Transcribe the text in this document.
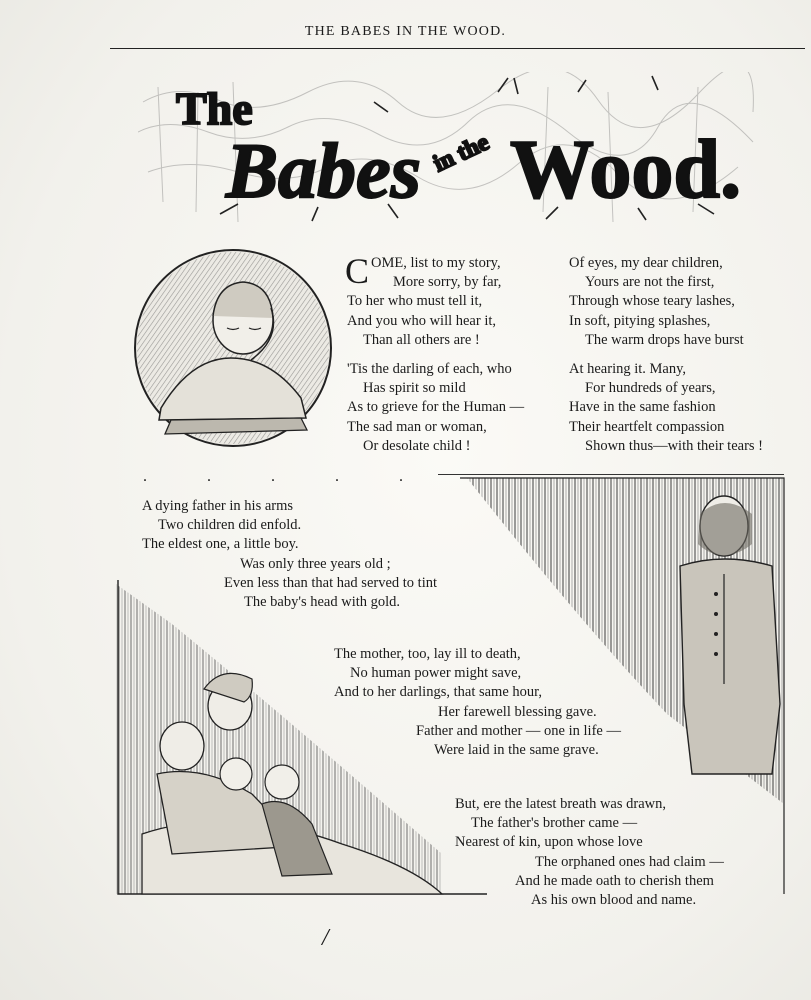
THE BABES IN THE WOOD.
The
Babes in the Wood.
C OME, list to my story,
More sorry, by far,
To her who must tell it,
And you who will hear it,
Than all others are !
'Tis the darling of each, who
Has spirit so mild
As to grieve for the Human —
The sad man or woman,
Or desolate child !
Of eyes, my dear children,
Yours are not the first,
Through whose teary lashes,
In soft, pitying splashes,
The warm drops have burst
At hearing it. Many,
For hundreds of years,
Have in the same fashion
Their heartfelt compassion
Shown thus—with their tears !
. . . . .
A dying father in his arms
Two children did enfold.
The eldest one, a little boy.
Was only three years old ;
Even less than that had served to tint
The baby's head with gold.
The mother, too, lay ill to death,
No human power might save,
And to her darlings, that same hour,
Her farewell blessing gave.
Father and mother — one in life —
Were laid in the same grave.
But, ere the latest breath was drawn,
The father's brother came —
Nearest of kin, upon whose love
The orphaned ones had claim —
And he made oath to cherish them
As his own blood and name.
/
